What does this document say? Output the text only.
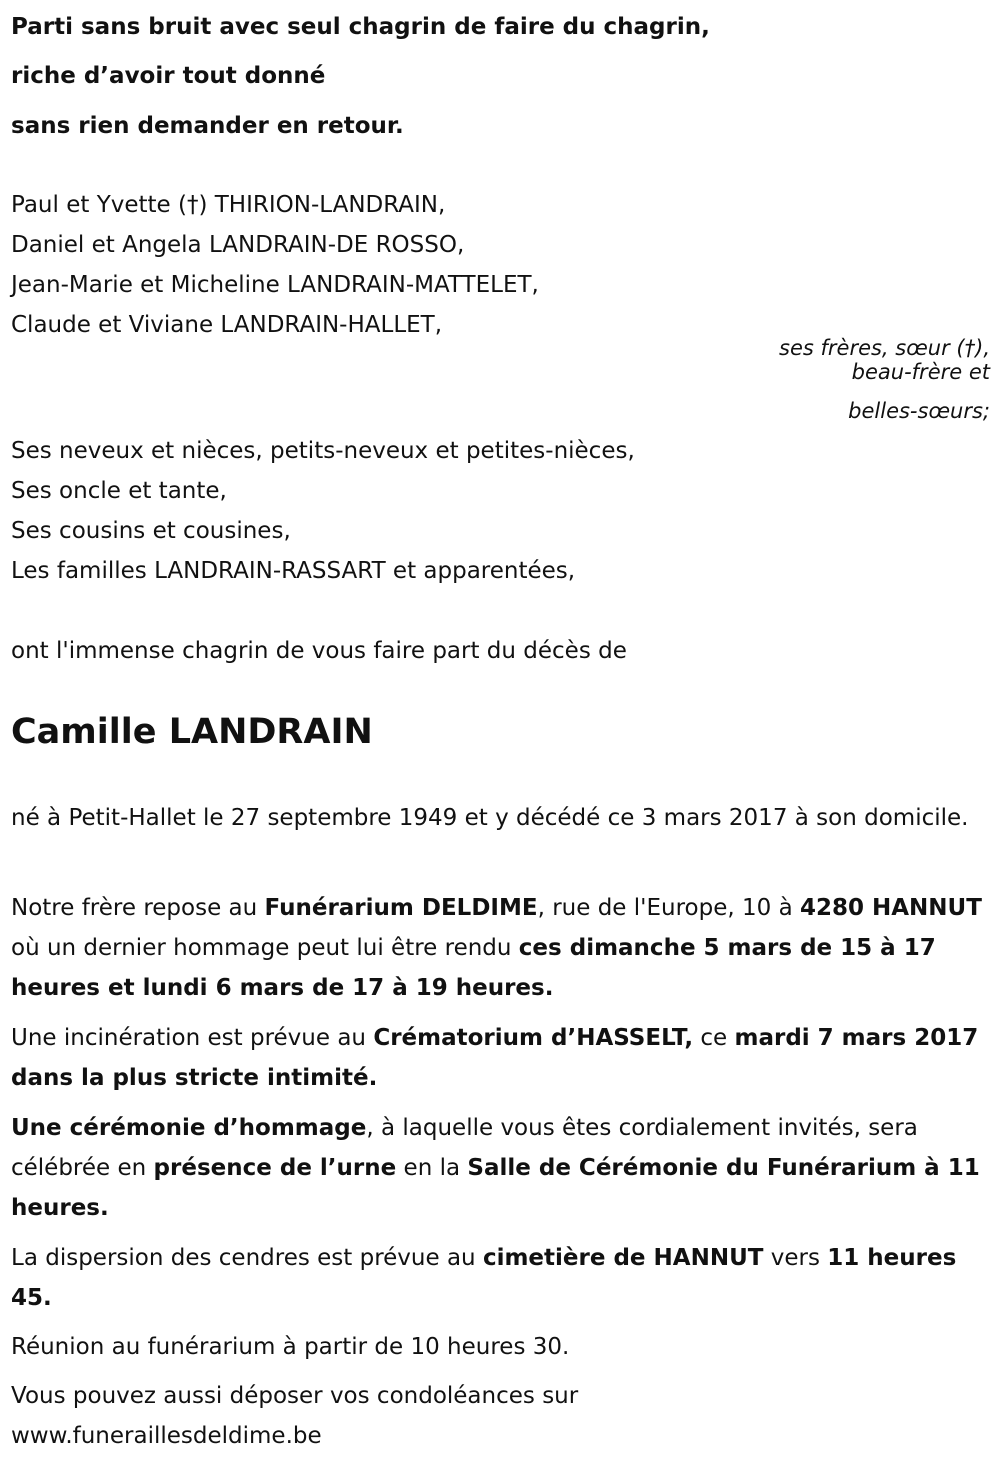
Parti sans bruit avec seul chagrin de faire du chagrin,
riche d’avoir tout donné
sans rien demander en retour.
Paul et Yvette (†) THIRION-LANDRAIN,
Daniel et Angela LANDRAIN-DE ROSSO,
Jean-Marie et Micheline LANDRAIN-MATTELET,
Claude et Viviane LANDRAIN-HALLET,
ses frères, sœur (†),
beau-frère et
belles-sœurs;
Ses neveux et nièces, petits-neveux et petites-nièces,
Ses oncle et tante,
Ses cousins et cousines,
Les familles LANDRAIN-RASSART et apparentées,
ont l'immense chagrin de vous faire part du décès de
Camille LANDRAIN
né à Petit-Hallet le 27 septembre 1949 et y décédé ce 3 mars 2017 à son domicile.
Notre frère repose au Funérarium DELDIME, rue de l'Europe, 10 à 4280 HANNUT où un dernier hommage peut lui être rendu ces dimanche 5 mars de 15 à 17 heures et lundi 6 mars de 17 à 19 heures.
Une incinération est prévue au Crématorium d’HASSELT, ce mardi 7 mars 2017 dans la plus stricte intimité.
Une cérémonie d’hommage, à laquelle vous êtes cordialement invités, sera célébrée en présence de l’urne en la Salle de Cérémonie du Funérarium à 11 heures.
La dispersion des cendres est prévue au cimetière de HANNUT vers 11 heures 45.
Réunion au funérarium à partir de 10 heures 30.
Vous pouvez aussi déposer vos condoléances sur
www.funeraillesdeldime.be
